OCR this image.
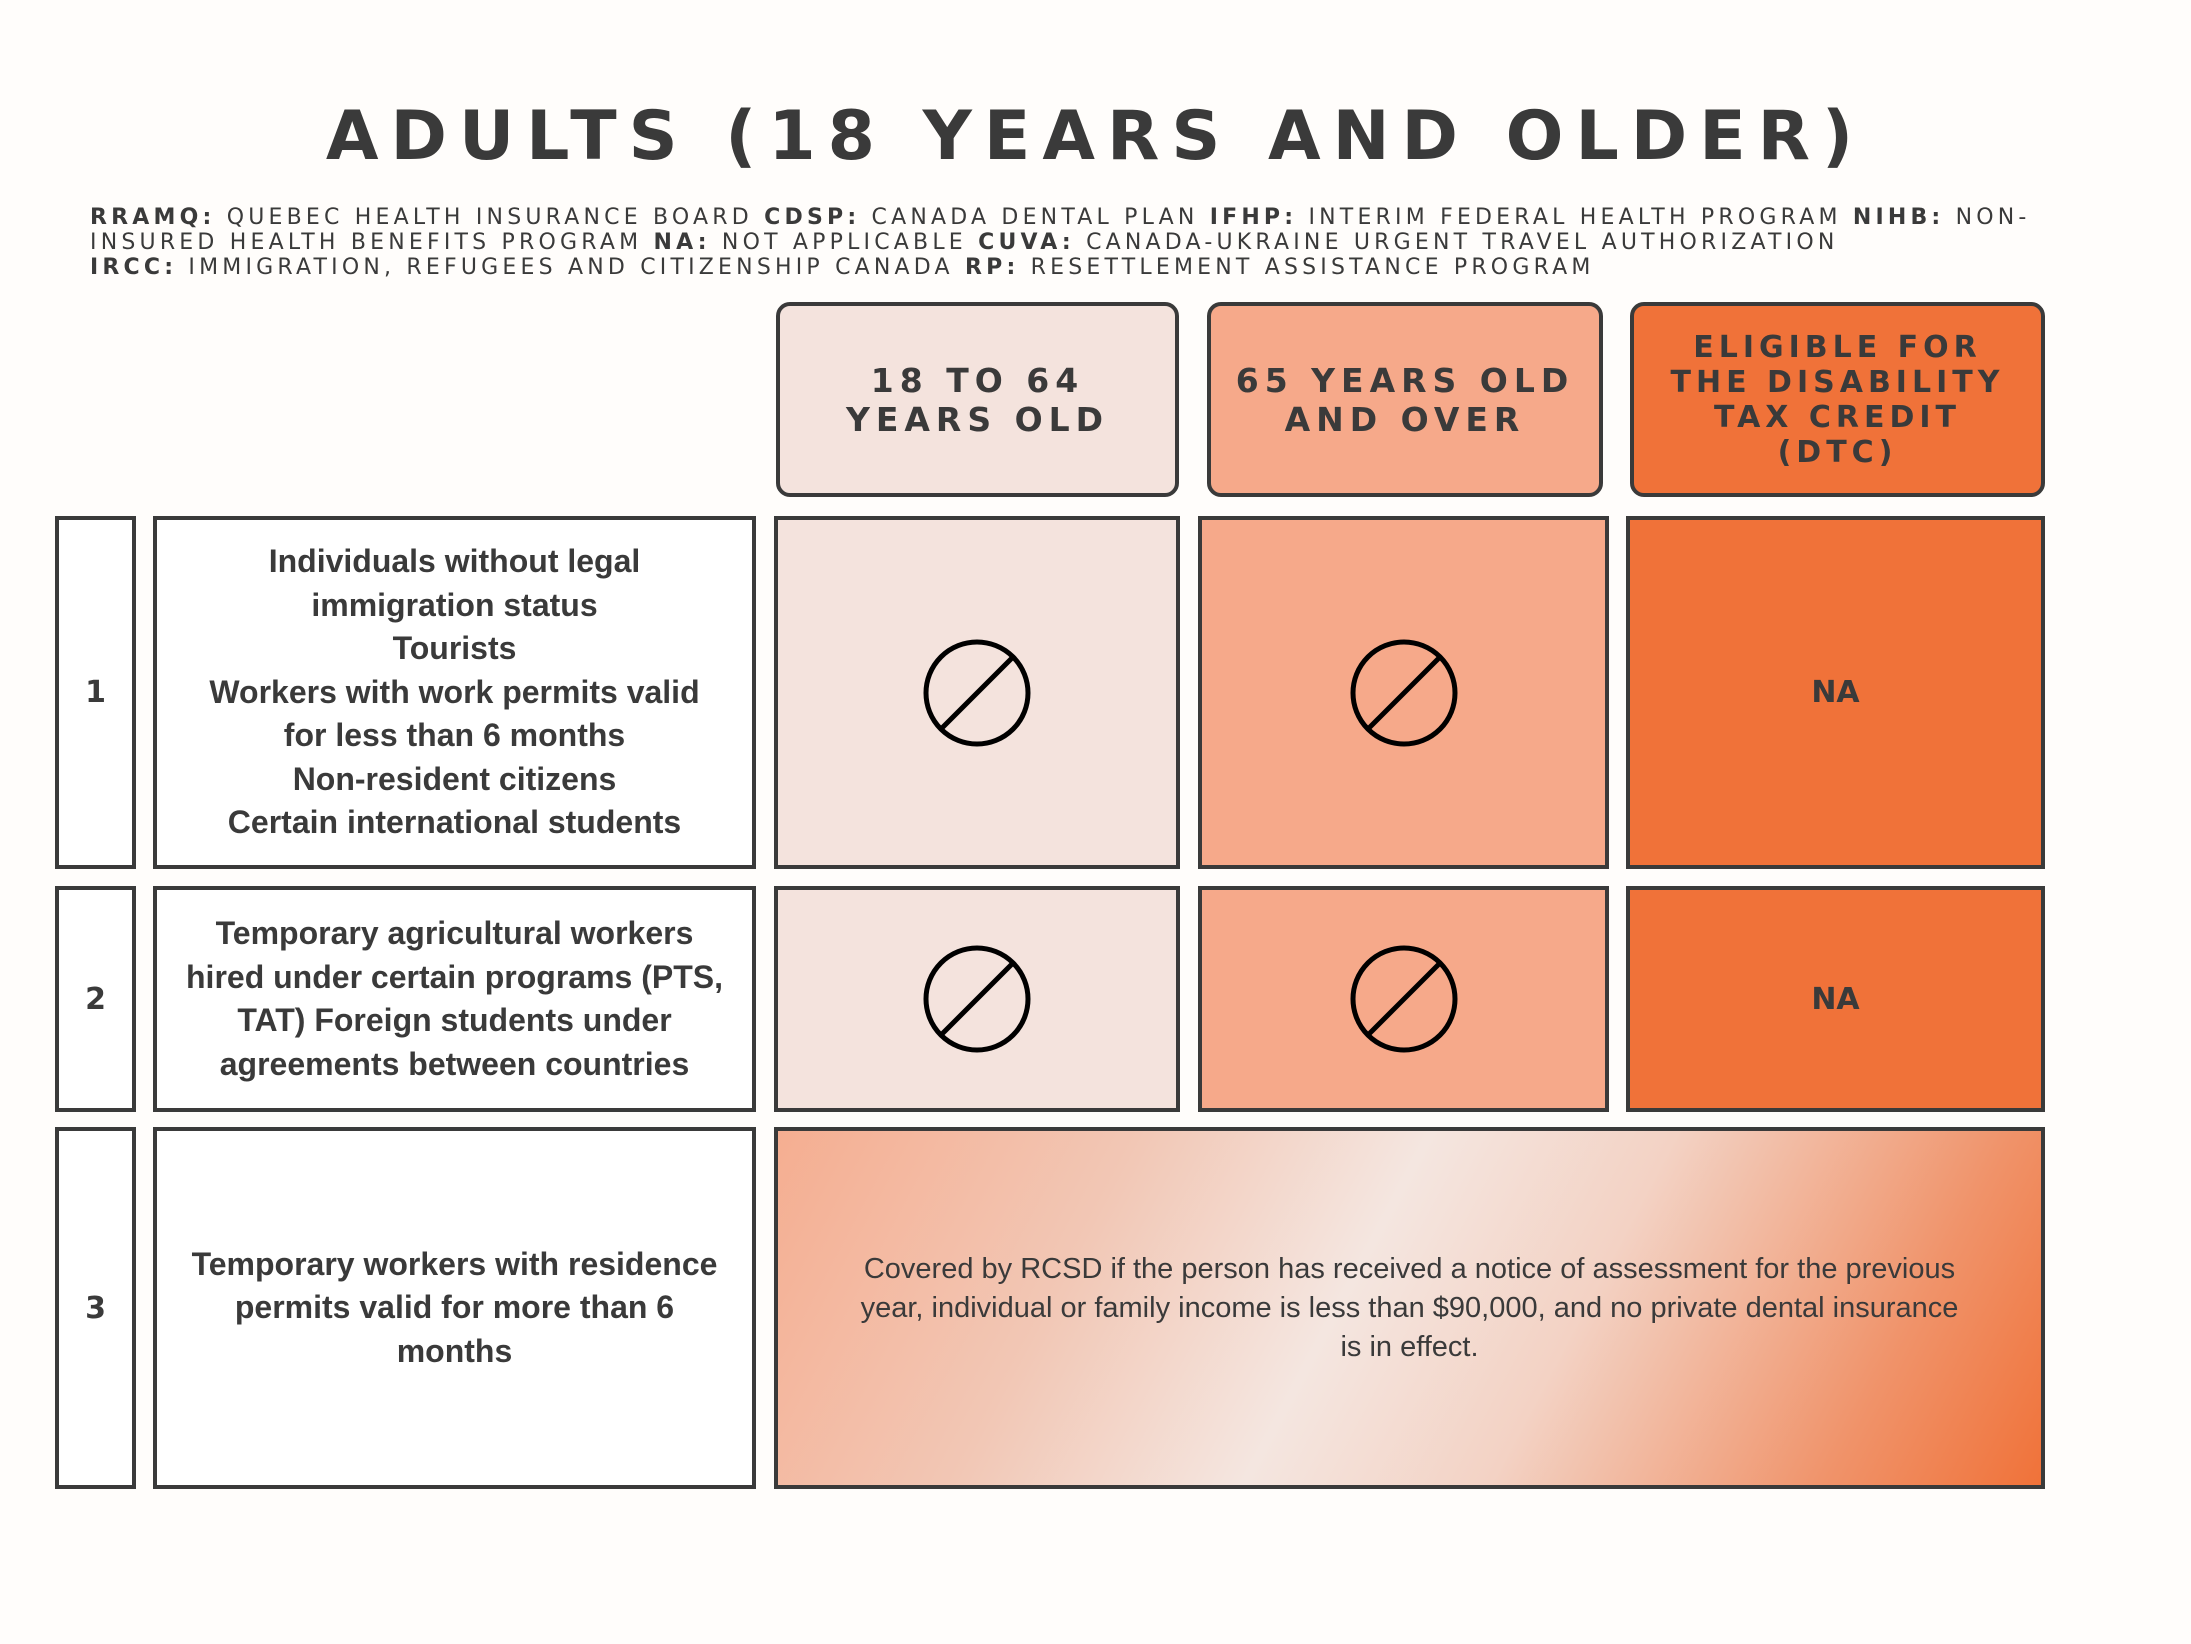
ADULTS (18 YEARS AND OLDER)
RRAMQ: QUEBEC HEALTH INSURANCE BOARD CDSP: CANADA DENTAL PLAN IFHP: INTERIM FEDERAL HEALTH PROGRAM NIHB: NON-
INSURED HEALTH BENEFITS PROGRAM NA: NOT APPLICABLE CUVA: CANADA-UKRAINE URGENT TRAVEL AUTHORIZATION
IRCC: IMMIGRATION, REFUGEES AND CITIZENSHIP CANADA RP: RESETTLEMENT ASSISTANCE PROGRAM
18 TO 64 YEARS OLD
65 YEARS OLD AND OVER
ELIGIBLE FOR THE DISABILITY TAX CREDIT (DTC)
1
Individuals without legal
immigration status
Tourists
Workers with work permits valid
for less than 6 months
Non-resident citizens
Certain international students
NA
2
Temporary agricultural workers
hired under certain programs (PTS,
TAT) Foreign students under
agreements between countries
NA
3
Temporary workers with residence
permits valid for more than 6
months
Covered by RCSD if the person has received a notice of assessment for the previous
year, individual or family income is less than $90,000, and no private dental insurance
is in effect.
